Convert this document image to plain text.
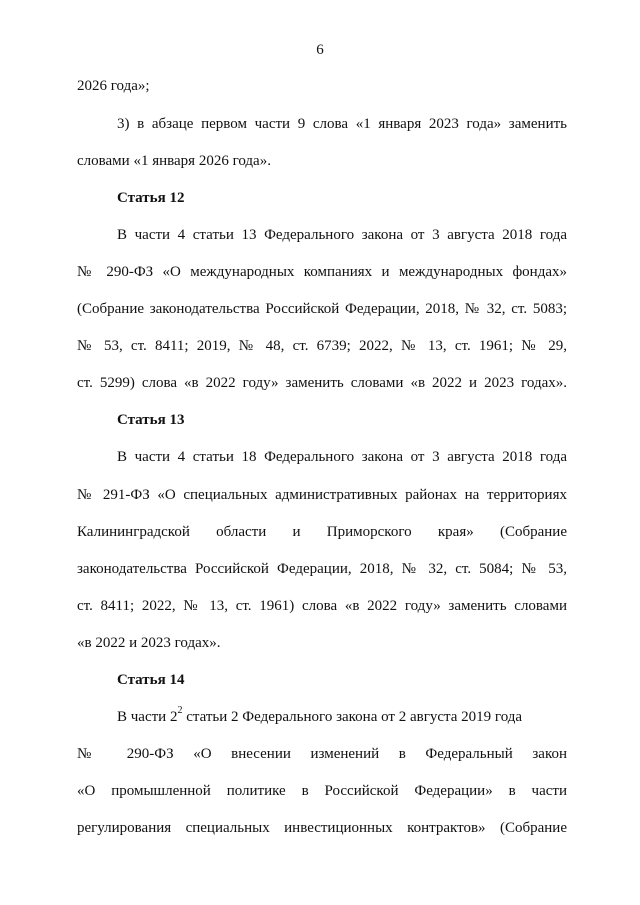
6
2026 года»;
3) в абзаце первом части 9 слова «1 января 2023 года» заменить
словами «1 января 2026 года».
Статья 12
В части 4 статьи 13 Федерального закона от 3 августа 2018 года
№ 290-ФЗ «О международных компаниях и международных фондах»
(Собрание законодательства Российской Федерации, 2018, № 32, ст. 5083;
№ 53, ст. 8411; 2019, № 48, ст. 6739; 2022, № 13, ст. 1961; № 29,
ст. 5299) слова «в 2022 году» заменить словами «в 2022 и 2023 годах».
Статья 13
В части 4 статьи 18 Федерального закона от 3 августа 2018 года
№ 291-ФЗ «О специальных административных районах на территориях
Калининградской области и Приморского края» (Собрание
законодательства Российской Федерации, 2018, № 32, ст. 5084; № 53,
ст. 8411; 2022, № 13, ст. 1961) слова «в 2022 году» заменить словами
«в 2022 и 2023 годах».
Статья 14
В части $2^2$ статьи 2 Федерального закона от 2 августа 2019 года
№ 290-ФЗ «О внесении изменений в Федеральный закон
«О промышленной политике в Российской Федерации» в части
регулирования специальных инвестиционных контрактов» (Собрание
